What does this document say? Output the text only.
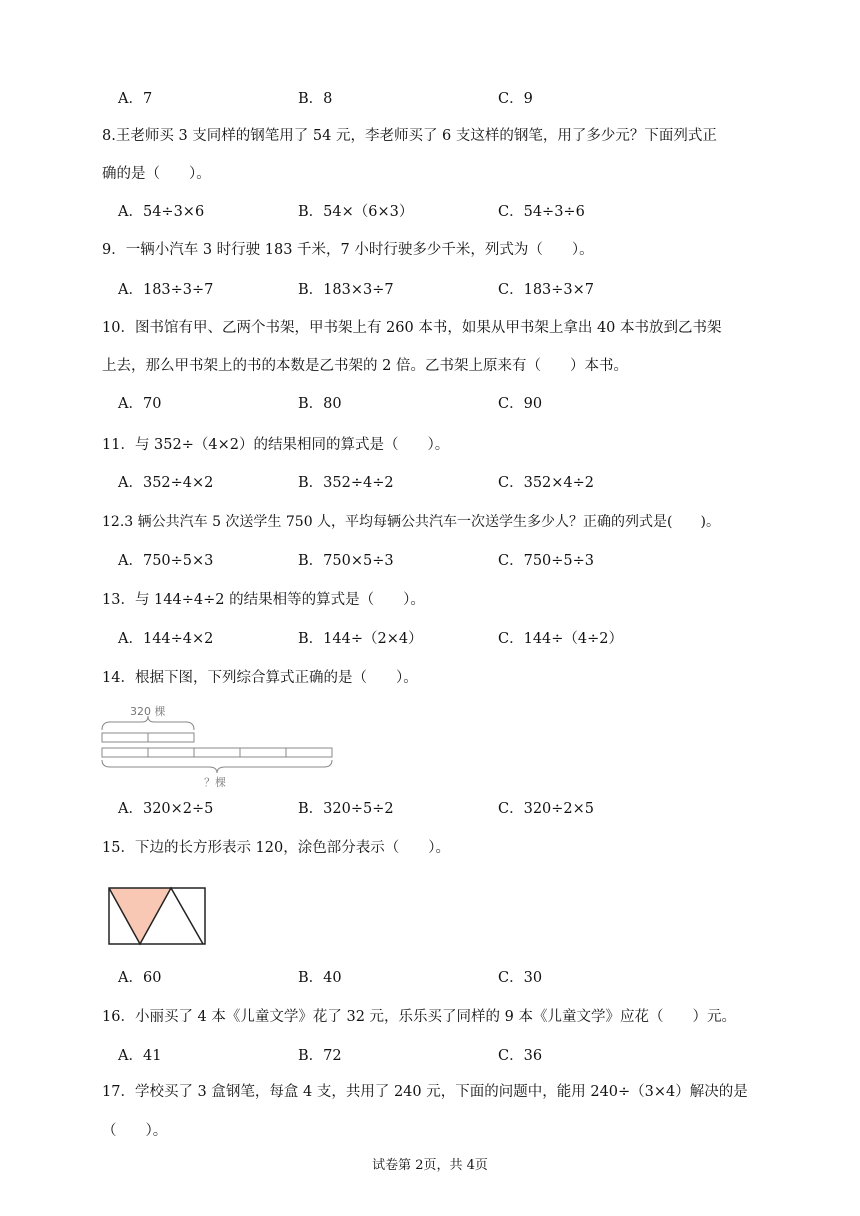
A．7	B．8	C．9
8.王老师买 3 支同样的钢笔用了 54 元，李老师买了 6 支这样的钢笔，用了多少元？下面列式正
确的是（　　）。
A．54÷3×6	B．54×（6×3）	C．54÷3÷6
9．一辆小汽车 3 时行驶 183 千米，7 小时行驶多少千米，列式为（　　）。
A．183÷3÷7	B．183×3÷7	C．183÷3×7
10．图书馆有甲、乙两个书架，甲书架上有 260 本书，如果从甲书架上拿出 40 本书放到乙书架
上去，那么甲书架上的书的本数是乙书架的 2 倍。乙书架上原来有（　　）本书。
A．70	B．80	C．90
11．与 352÷（4×2）的结果相同的算式是（　　）。
A．352÷4×2	B．352÷4÷2	C．352×4÷2
12.3 辆公共汽车 5 次送学生 750 人，平均每辆公共汽车一次送学生多少人？正确的列式是(　　)。
A．750÷5×3	B．750×5÷3	C．750÷5÷3
13．与 144÷4÷2 的结果相等的算式是（　　）。
A．144÷4×2	B．144÷（2×4）	C．144÷（4÷2）
14．根据下图，下列综合算式正确的是（　　）。
320 棵
？棵
A．320×2÷5	B．320÷5÷2	C．320÷2×5
15．下边的长方形表示 120，涂色部分表示（　　）。
A．60	B．40	C．30
16．小丽买了 4 本《儿童文学》花了 32 元，乐乐买了同样的 9 本《儿童文学》应花（　　）元。
A．41	B．72	C．36
17．学校买了 3 盒钢笔，每盒 4 支，共用了 240 元，下面的问题中，能用 240÷（3×4）解决的是
（　　）。
试卷第 2页，共 4页
